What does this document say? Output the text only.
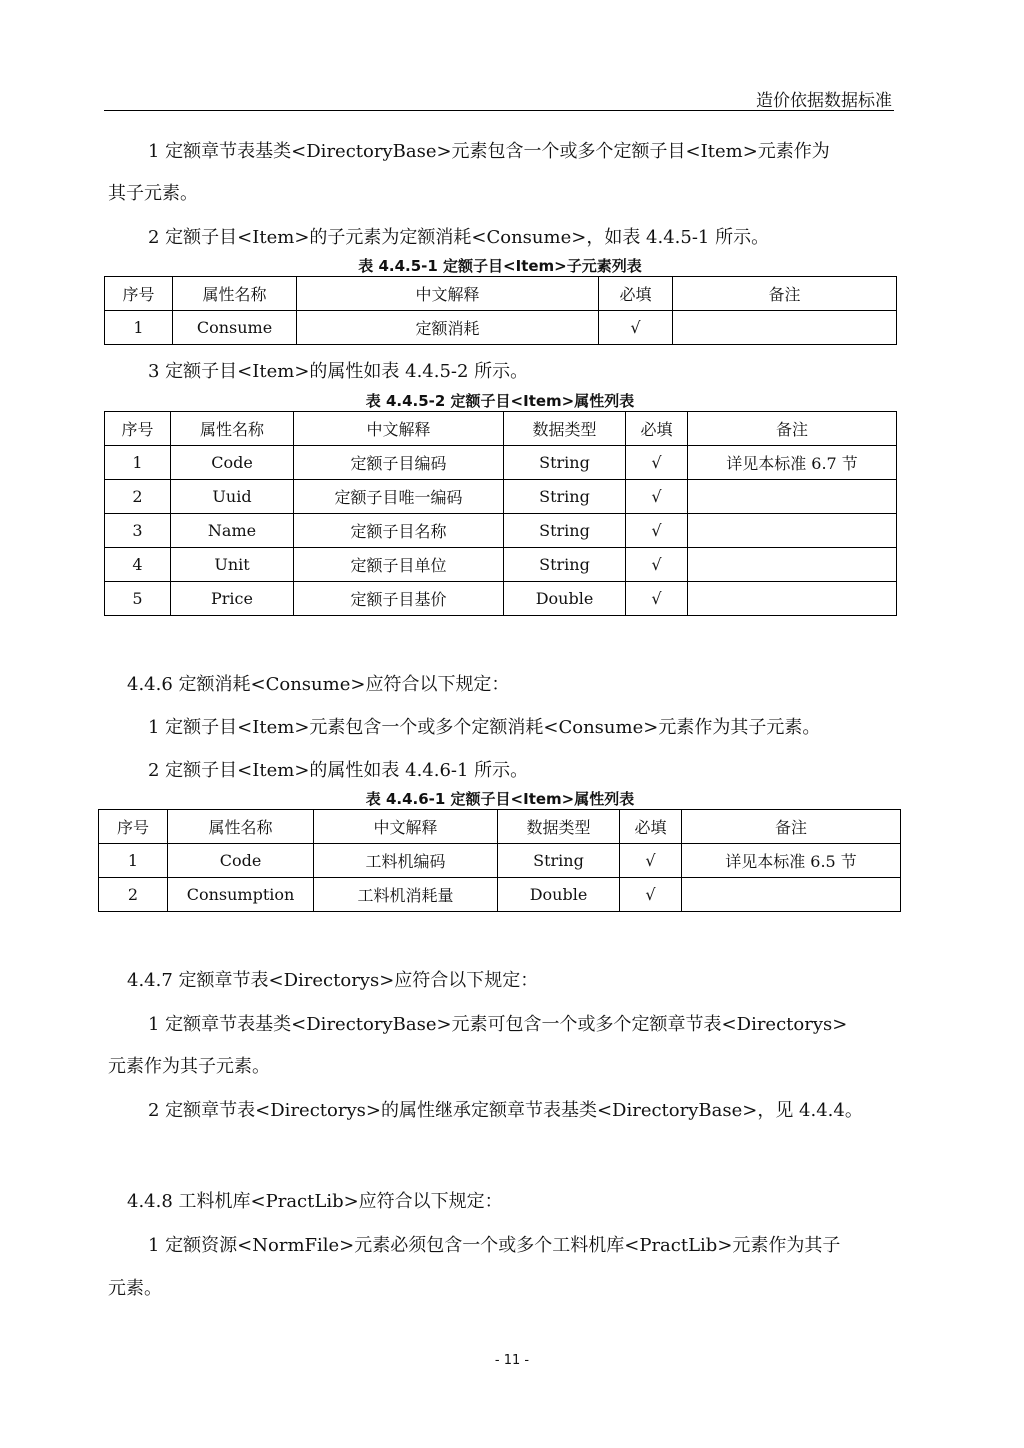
造价依据数据标准
1 定额章节表基类<DirectoryBase>元素包含一个或多个定额子目<Item>元素作为
其子元素。
2 定额子目<Item>的子元素为定额消耗<Consume>，如表 4.4.5-1 所示。
表 4.4.5-1 定额子目<Item>子元素列表
序号	属性名称	中文解释	必填	备注
1	Consume	定额消耗	√	
3 定额子目<Item>的属性如表 4.4.5-2 所示。
表 4.4.5-2 定额子目<Item>属性列表
序号	属性名称	中文解释	数据类型	必填	备注
1	Code	定额子目编码	String	√	详见本标准 6.7 节
2	Uuid	定额子目唯一编码	String	√	
3	Name	定额子目名称	String	√	
4	Unit	定额子目单位	String	√	
5	Price	定额子目基价	Double	√	
4.4.6 定额消耗<Consume>应符合以下规定：
1 定额子目<Item>元素包含一个或多个定额消耗<Consume>元素作为其子元素。
2 定额子目<Item>的属性如表 4.4.6-1 所示。
表 4.4.6-1 定额子目<Item>属性列表
序号	属性名称	中文解释	数据类型	必填	备注
1	Code	工料机编码	String	√	详见本标准 6.5 节
2	Consumption	工料机消耗量	Double	√	
4.4.7 定额章节表<Directorys>应符合以下规定：
1 定额章节表基类<DirectoryBase>元素可包含一个或多个定额章节表<Directorys>
元素作为其子元素。
2 定额章节表<Directorys>的属性继承定额章节表基类<DirectoryBase>，见 4.4.4。
4.4.8 工料机库<PractLib>应符合以下规定：
1 定额资源<NormFile>元素必须包含一个或多个工料机库<PractLib>元素作为其子
元素。
- 11 -
